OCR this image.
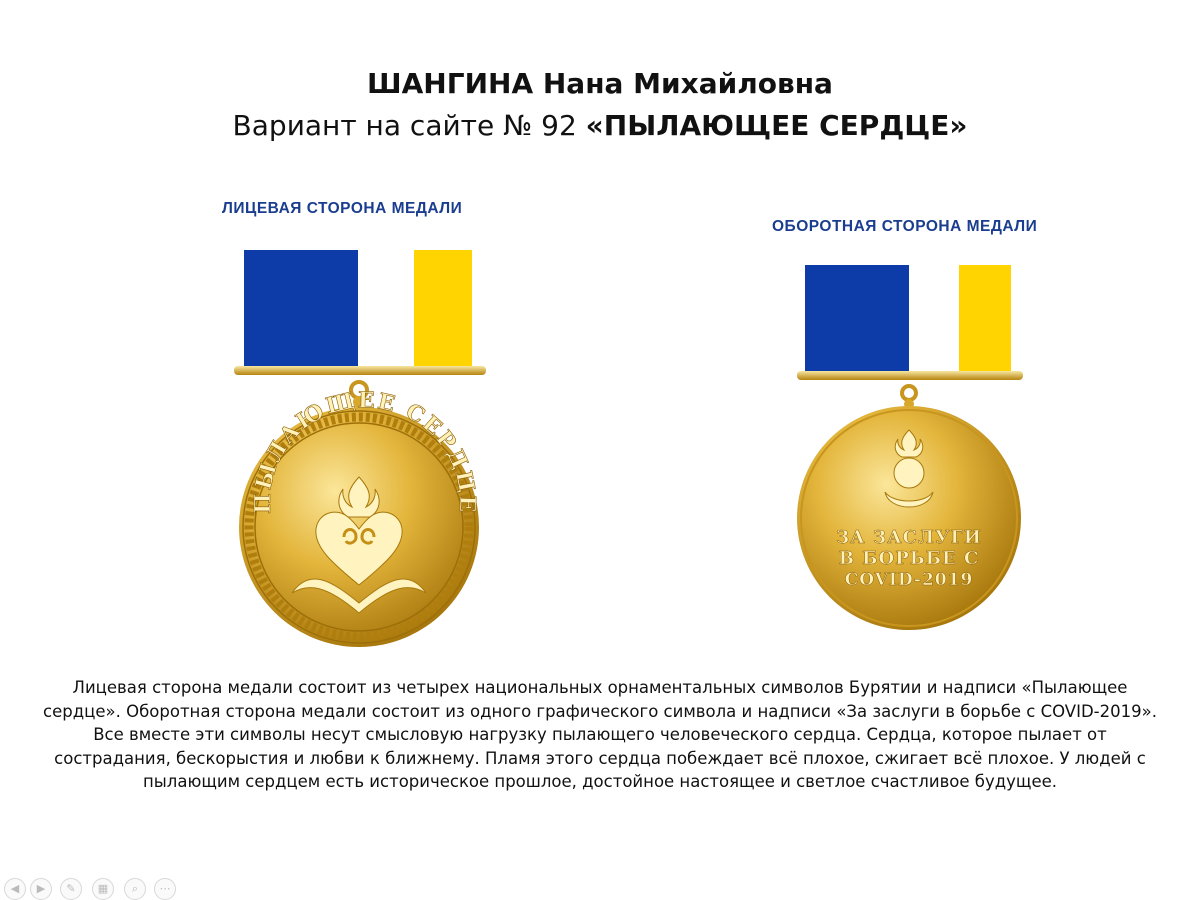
ШАНГИНА Нана Михайловна
Вариант на сайте № 92 «ПЫЛАЮЩЕЕ СЕРДЦЕ»
ЛИЦЕВАЯ СТОРОНА МЕДАЛИ
ОБОРОТНАЯ СТОРОНА МЕДАЛИ
ПЫЛАЮЩЕЕ СЕРДЦЕ
ЗА ЗАСЛУГИ
В БОРЬБЕ С
COVID-2019
Лицевая сторона медали состоит из четырех национальных орнаментальных символов Бурятии и надписи «Пылающее сердце». Оборотная сторона медали состоит из одного графического символа и надписи «За заслуги в борьбе с COVID-2019». Все вместе эти символы несут смысловую нагрузку пылающего человеческого сердца. Сердца, которое пылает от сострадания, бескорыстия и любви к ближнему. Пламя этого сердца побеждает всё плохое, сжигает всё плохое. У людей с пылающим сердцем есть историческое прошлое, достойное настоящее и светлое счастливое будущее.
◀	▶	✎	▦	⌕	⋯
